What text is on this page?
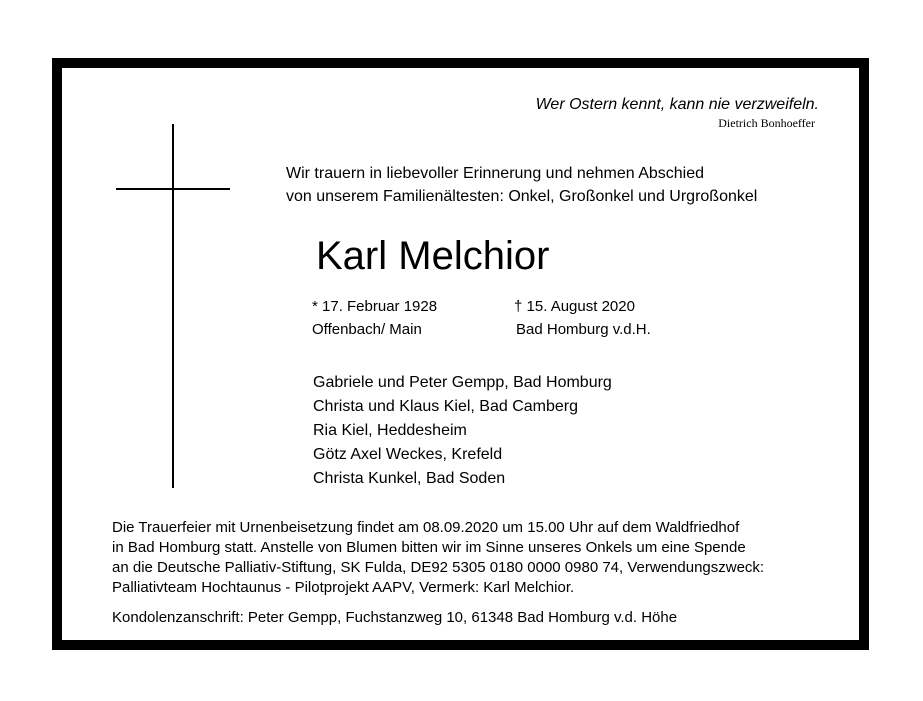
Wer Ostern kennt, kann nie verzweifeln.
Dietrich Bonhoeffer
Wir trauern in liebevoller Erinnerung und nehmen Abschied
von unserem Familienältesten: Onkel, Großonkel und Urgroßonkel
Karl Melchior
* 17. Februar 1928
Offenbach/ Main
† 15. August 2020
Bad Homburg v.d.H.
Gabriele und Peter Gempp, Bad Homburg
Christa und Klaus Kiel, Bad Camberg
Ria Kiel, Heddesheim
Götz Axel Weckes, Krefeld
Christa Kunkel, Bad Soden
Die Trauerfeier mit Urnenbeisetzung findet am 08.09.2020 um 15.00 Uhr auf dem Waldfriedhof
in Bad Homburg statt. Anstelle von Blumen bitten wir im Sinne unseres Onkels um eine Spende
an die Deutsche Palliativ-Stiftung, SK Fulda, DE92 5305 0180 0000 0980 74, Verwendungszweck:
Palliativteam Hochtaunus - Pilotprojekt AAPV, Vermerk: Karl Melchior.
Kondolenzanschrift: Peter Gempp, Fuchstanzweg 10, 61348 Bad Homburg v.d. Höhe
